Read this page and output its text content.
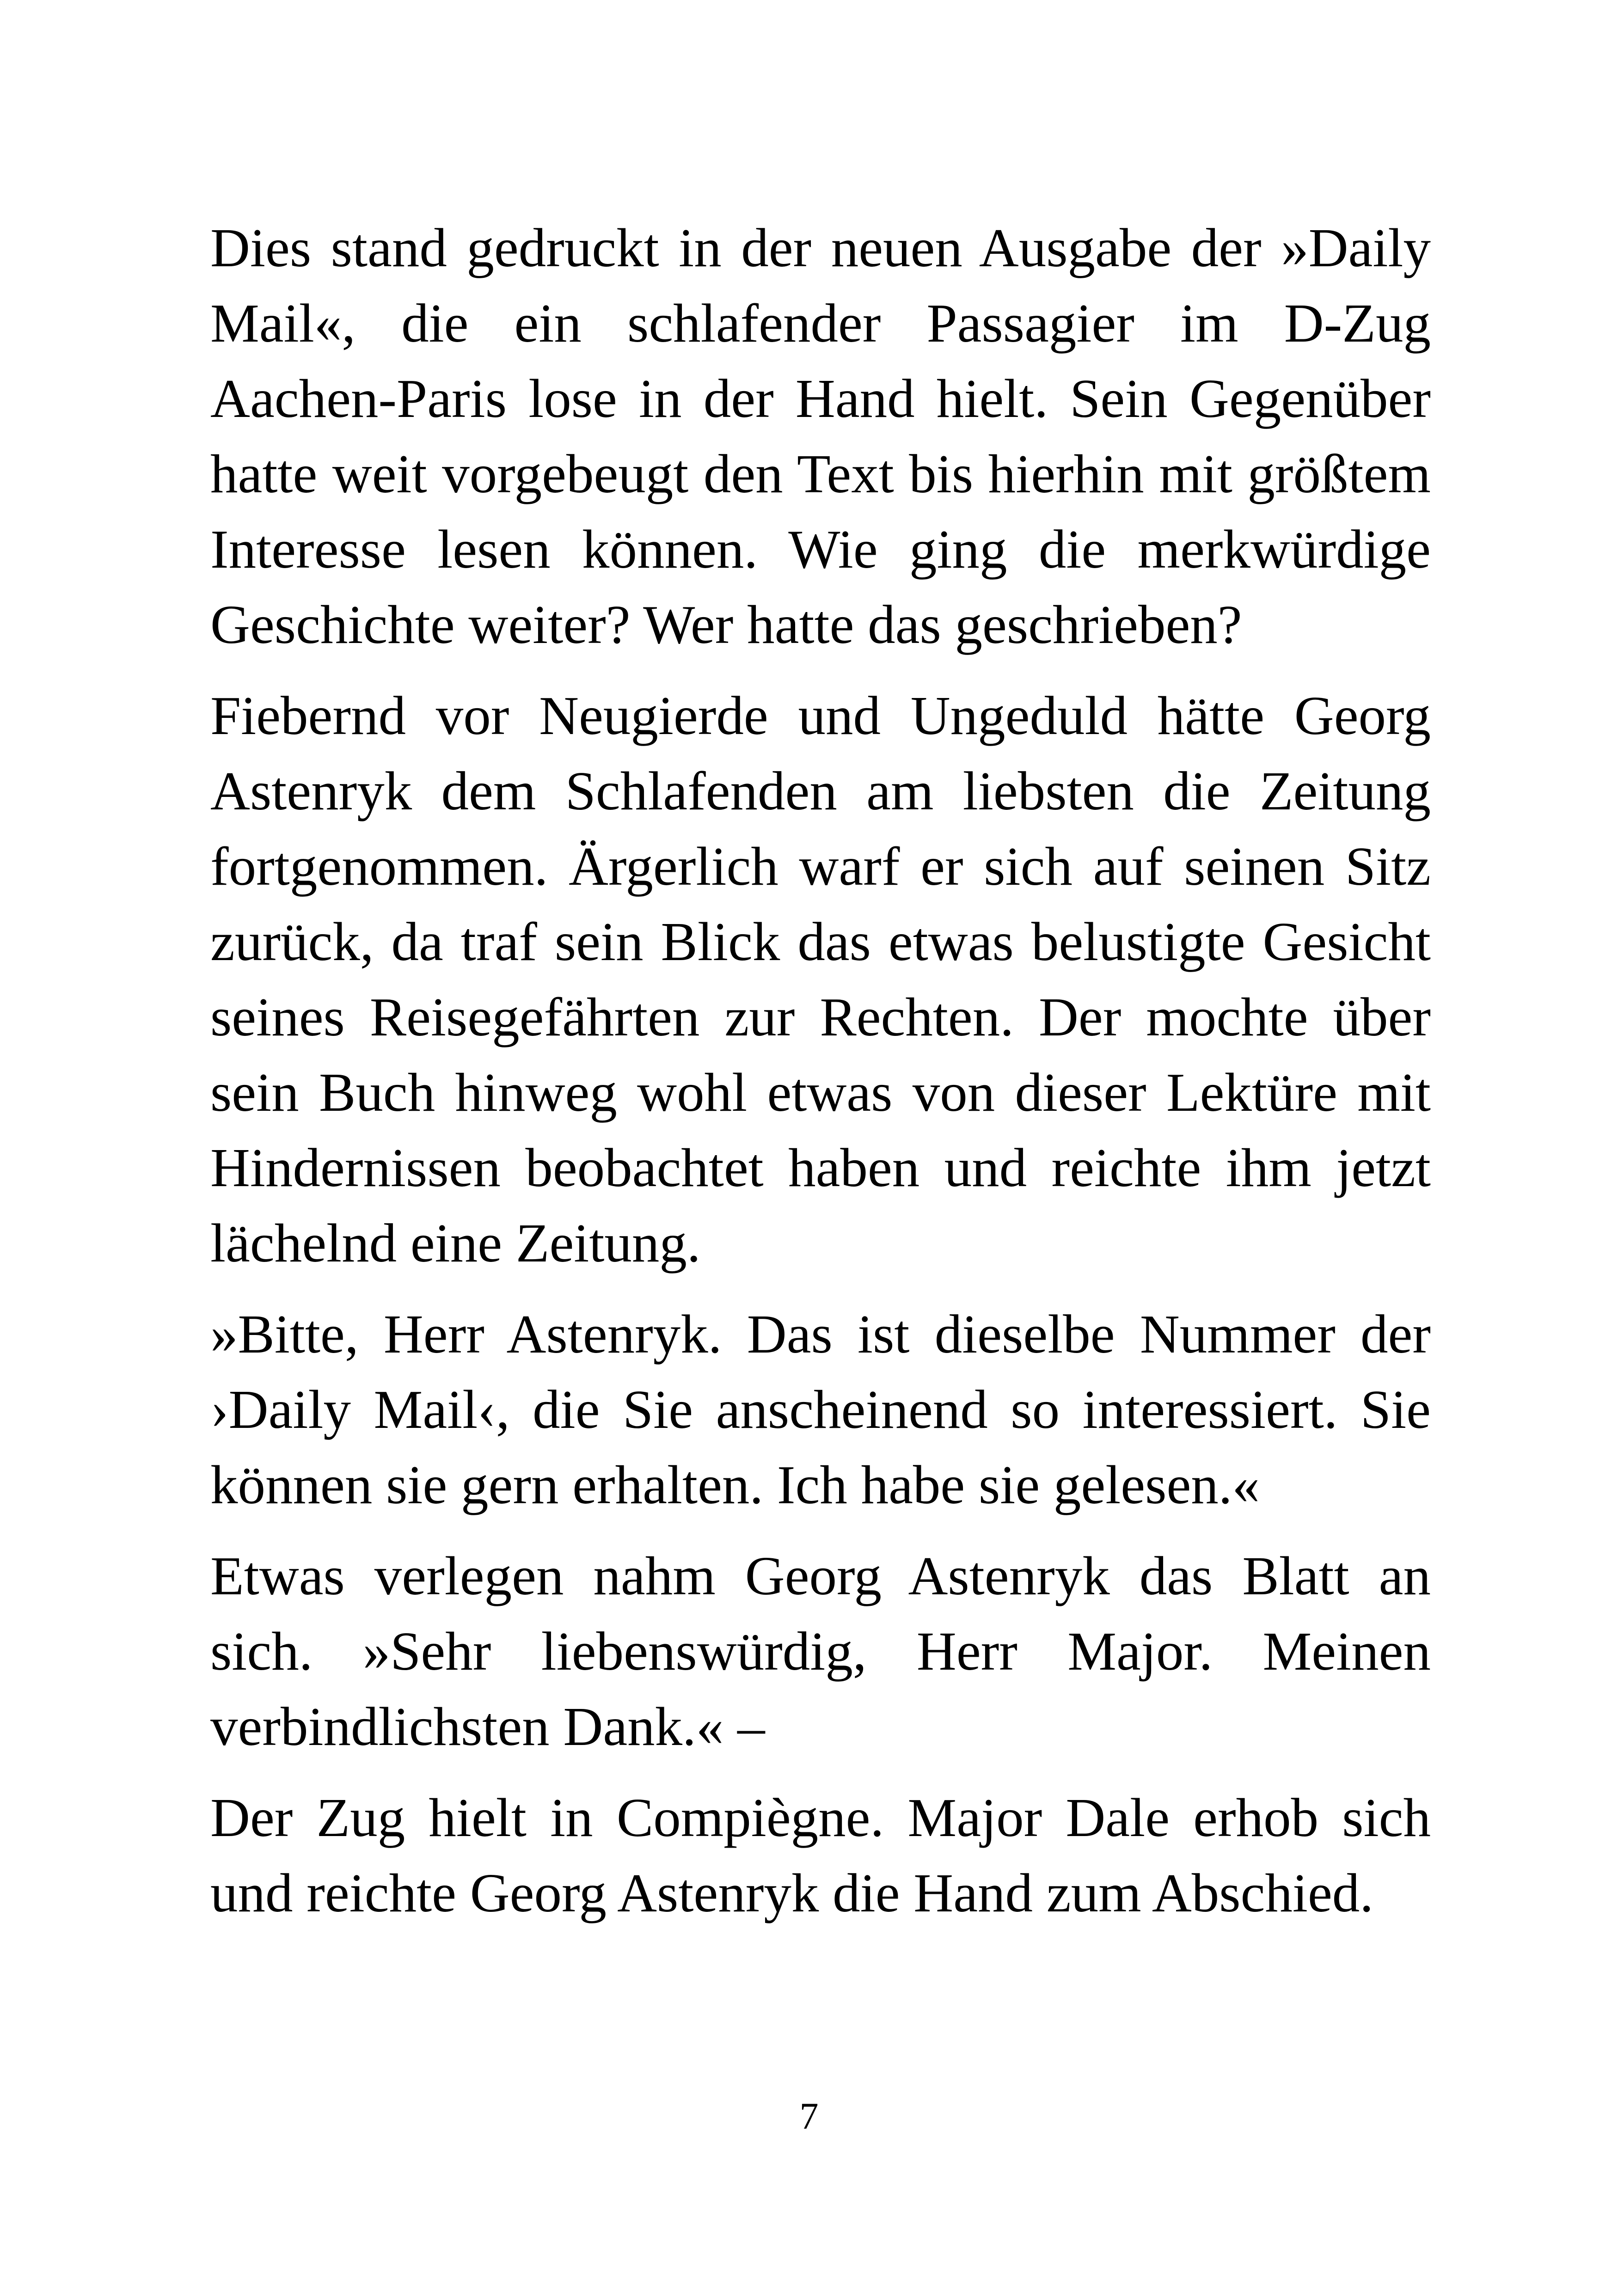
Dies stand gedruckt in der neuen Ausgabe der »Daily Mail«, die ein schlafender Passagier im D-Zug Aachen-Paris lose in der Hand hielt. Sein Gegenüber hatte weit vorgebeugt den Text bis hierhin mit größtem Interesse lesen können. Wie ging die merkwürdige Geschichte weiter? Wer hatte das geschrieben?

Fiebernd vor Neugierde und Ungeduld hätte Georg Astenryk dem Schlafenden am liebsten die Zeitung fortgenommen. Ärgerlich warf er sich auf seinen Sitz zurück, da traf sein Blick das etwas belustigte Gesicht seines Reisegefährten zur Rechten. Der mochte über sein Buch hinweg wohl etwas von dieser Lektüre mit Hindernissen beobachtet haben und reichte ihm jetzt lächelnd eine Zeitung.

»Bitte, Herr Astenryk. Das ist dieselbe Nummer der ›Daily Mail‹, die Sie anscheinend so interessiert. Sie können sie gern erhalten. Ich habe sie gelesen.«

Etwas verlegen nahm Georg Astenryk das Blatt an sich. »Sehr liebenswürdig, Herr Major. Meinen verbindlichsten Dank.« –

Der Zug hielt in Compiègne. Major Dale erhob sich und reichte Georg Astenryk die Hand zum Abschied.

7
